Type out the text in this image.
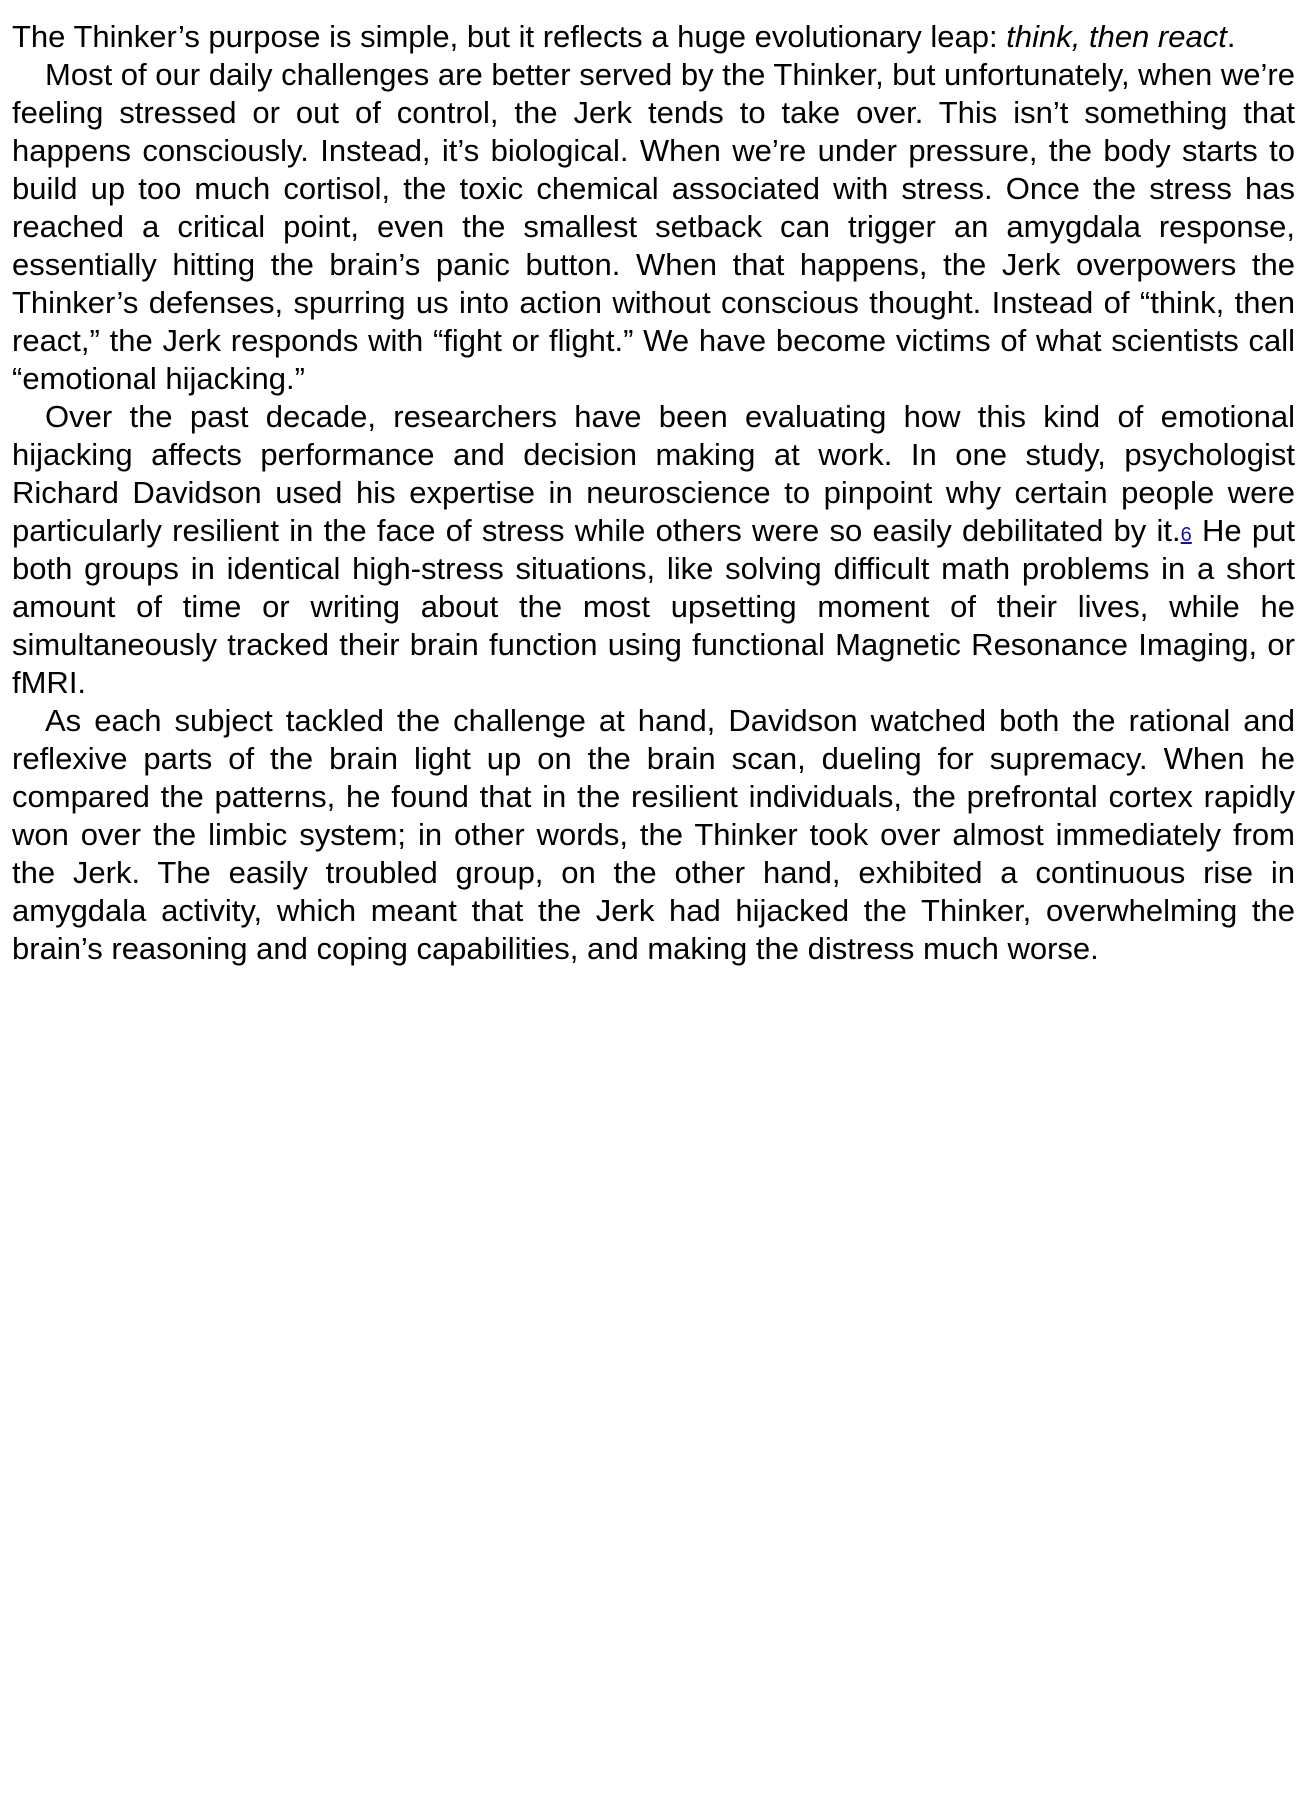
The Thinker’s purpose is simple, but it reflects a huge evolutionary leap: think, then react.

Most of our daily challenges are better served by the Thinker, but unfortunately, when we’re feeling stressed or out of control, the Jerk tends to take over. This isn’t something that happens consciously. Instead, it’s biological. When we’re under pressure, the body starts to build up too much cortisol, the toxic chemical associated with stress. Once the stress has reached a critical point, even the smallest setback can trigger an amygdala response, essentially hitting the brain’s panic button. When that happens, the Jerk overpowers the Thinker’s defenses, spurring us into action without conscious thought. Instead of “think, then react,” the Jerk responds with “fight or flight.” We have become victims of what scientists call “emotional hijacking.”

Over the past decade, researchers have been evaluating how this kind of emotional hijacking affects performance and decision making at work. In one study, psychologist Richard Davidson used his expertise in neuroscience to pinpoint why certain people were particularly resilient in the face of stress while others were so easily debilitated by it.6 He put both groups in identical high-stress situations, like solving difficult math problems in a short amount of time or writing about the most upsetting moment of their lives, while he simultaneously tracked their brain function using functional Magnetic Resonance Imaging, or fMRI.

As each subject tackled the challenge at hand, Davidson watched both the rational and reflexive parts of the brain light up on the brain scan, dueling for supremacy. When he compared the patterns, he found that in the resilient individuals, the prefrontal cortex rapidly won over the limbic system; in other words, the Thinker took over almost immediately from the Jerk. The easily troubled group, on the other hand, exhibited a continuous rise in amygdala activity, which meant that the Jerk had hijacked the Thinker, overwhelming the brain’s reasoning and coping capabilities, and making the distress much worse.
